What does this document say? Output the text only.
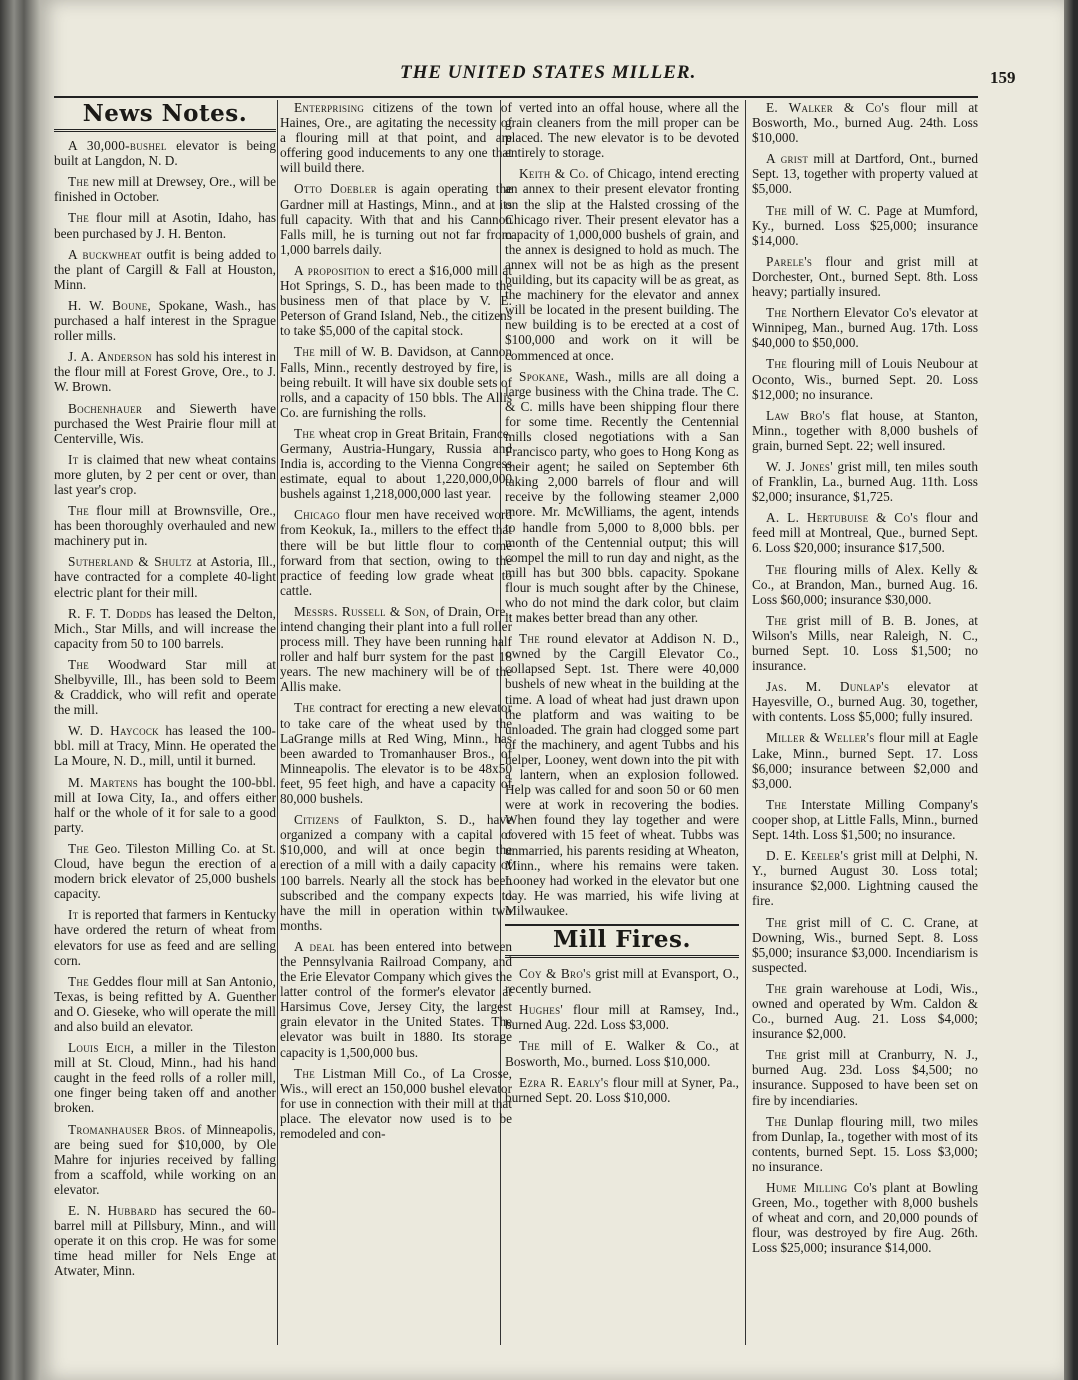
THE UNITED STATES MILLER.	159
News Notes.

A 30,000-bushel elevator is being built at Langdon, N. D.

The new mill at Drewsey, Ore., will be finished in October.

The flour mill at Asotin, Idaho, has been purchased by J. H. Benton.

A buckwheat outfit is being added to the plant of Cargill & Fall at Houston, Minn.

H. W. Boune, Spokane, Wash., has purchased a half interest in the Sprague roller mills.

J. A. Anderson has sold his interest in the flour mill at Forest Grove, Ore., to J. W. Brown.

Bochenhauer and Siewerth have purchased the West Prairie flour mill at Centerville, Wis.

It is claimed that new wheat contains more gluten, by 2 per cent or over, than last year's crop.

The flour mill at Brownsville, Ore., has been thoroughly overhauled and new machinery put in.

Sutherland & Shultz at Astoria, Ill., have contracted for a complete 40-light electric plant for their mill.

R. F. T. Dodds has leased the Delton, Mich., Star Mills, and will increase the capacity from 50 to 100 barrels.

The Woodward Star mill at Shelbyville, Ill., has been sold to Beem & Craddick, who will refit and operate the mill.

W. D. Haycock has leased the 100-bbl. mill at Tracy, Minn. He operated the La Moure, N. D., mill, until it burned.

M. Martens has bought the 100-bbl. mill at Iowa City, Ia., and offers either half or the whole of it for sale to a good party.

The Geo. Tileston Milling Co. at St. Cloud, have begun the erection of a modern brick elevator of 25,000 bushels capacity.

It is reported that farmers in Kentucky have ordered the return of wheat from elevators for use as feed and are selling corn.

The Geddes flour mill at San Antonio, Texas, is being refitted by A. Guenther and O. Gieseke, who will operate the mill and also build an elevator.

Louis Eich, a miller in the Tileston mill at St. Cloud, Minn., had his hand caught in the feed rolls of a roller mill, one finger being taken off and another broken.

Tromanhauser Bros. of Minneapolis, are being sued for $10,000, by Ole Mahre for injuries received by falling from a scaffold, while working on an elevator.

E. N. Hubbard has secured the 60-barrel mill at Pillsbury, Minn., and will operate it on this crop. He was for some time head miller for Nels Enge at Atwater, Minn.

Enterprising citizens of the town of Haines, Ore., are agitating the necessity of a flouring mill at that point, and are offering good inducements to any one that will build there.

Otto Doebler is again operating the Gardner mill at Hastings, Minn., and at its full capacity. With that and his Cannon Falls mill, he is turning out not far from 1,000 barrels daily.

A proposition to erect a $16,000 mill at Hot Springs, S. D., has been made to the business men of that place by V. E. Peterson of Grand Island, Neb., the citizens to take $5,000 of the capital stock.

The mill of W. B. Davidson, at Cannon Falls, Minn., recently destroyed by fire, is being rebuilt. It will have six double sets of rolls, and a capacity of 150 bbls. The Allis Co. are furnishing the rolls.

The wheat crop in Great Britain, France, Germany, Austria-Hungary, Russia and India is, according to the Vienna Congress estimate, equal to about 1,220,000,000 bushels against 1,218,000,000 last year.

Chicago flour men have received word from Keokuk, Ia., millers to the effect that there will be but little flour to come forward from that section, owing to the practice of feeding low grade wheat to cattle.

Messrs. Russell & Son, of Drain, Ore., intend changing their plant into a full roller process mill. They have been running half roller and half burr system for the past 18 years. The new machinery will be of the Allis make.

The contract for erecting a new elevator to take care of the wheat used by the LaGrange mills at Red Wing, Minn., has been awarded to Tromanhauser Bros., of Minneapolis. The elevator is to be 48x50 feet, 95 feet high, and have a capacity of 80,000 bushels.

Citizens of Faulkton, S. D., have organized a company with a capital of $10,000, and will at once begin the erection of a mill with a daily capacity of 100 barrels. Nearly all the stock has been subscribed and the company expects to have the mill in operation within two months.

A deal has been entered into between the Pennsylvania Railroad Company, and the Erie Elevator Company which gives the latter control of the former's elevator at Harsimus Cove, Jersey City, the largest grain elevator in the United States. The elevator was built in 1880. Its storage capacity is 1,500,000 bus.

The Listman Mill Co., of La Crosse, Wis., will erect an 150,000 bushel elevator for use in connection with their mill at that place. The elevator now used is to be remodeled and con-

verted into an offal house, where all the grain cleaners from the mill proper can be placed. The new elevator is to be devoted entirely to storage.

Keith & Co. of Chicago, intend erecting an annex to their present elevator fronting on the slip at the Halsted crossing of the Chicago river. Their present elevator has a capacity of 1,000,000 bushels of grain, and the annex is designed to hold as much. The annex will not be as high as the present building, but its capacity will be as great, as the machinery for the elevator and annex will be located in the present building. The new building is to be erected at a cost of $100,000 and work on it will be commenced at once.

Spokane, Wash., mills are all doing a large business with the China trade. The C. & C. mills have been shipping flour there for some time. Recently the Centennial mills closed negotiations with a San Francisco party, who goes to Hong Kong as their agent; he sailed on September 6th taking 2,000 barrels of flour and will receive by the following steamer 2,000 more. Mr. McWilliams, the agent, intends to handle from 5,000 to 8,000 bbls. per month of the Centennial output; this will compel the mill to run day and night, as the mill has but 300 bbls. capacity. Spokane flour is much sought after by the Chinese, who do not mind the dark color, but claim it makes better bread than any other.

The round elevator at Addison N. D., owned by the Cargill Elevator Co., collapsed Sept. 1st. There were 40,000 bushels of new wheat in the building at the time. A load of wheat had just drawn upon the platform and was waiting to be unloaded. The grain had clogged some part of the machinery, and agent Tubbs and his helper, Looney, went down into the pit with a lantern, when an explosion followed. Help was called for and soon 50 or 60 men were at work in recovering the bodies. When found they lay together and were covered with 15 feet of wheat. Tubbs was unmarried, his parents residing at Wheaton, Minn., where his remains were taken. Looney had worked in the elevator but one day. He was married, his wife living at Milwaukee.

Mill Fires.

Coy & Bro's grist mill at Evansport, O., recently burned.

Hughes' flour mill at Ramsey, Ind., burned Aug. 22d. Loss $3,000.

The mill of E. Walker & Co., at Bosworth, Mo., burned. Loss $10,000.

Ezra R. Early's flour mill at Syner, Pa., burned Sept. 20. Loss $10,000.

E. Walker & Co's flour mill at Bosworth, Mo., burned Aug. 24th. Loss $10,000.

A grist mill at Dartford, Ont., burned Sept. 13, together with property valued at $5,000.

The mill of W. C. Page at Mumford, Ky., burned. Loss $25,000; insurance $14,000.

Parele's flour and grist mill at Dorchester, Ont., burned Sept. 8th. Loss heavy; partially insured.

The Northern Elevator Co's elevator at Winnipeg, Man., burned Aug. 17th. Loss $40,000 to $50,000.

The flouring mill of Louis Neubour at Oconto, Wis., burned Sept. 20. Loss $12,000; no insurance.

Law Bro's flat house, at Stanton, Minn., together with 8,000 bushels of grain, burned Sept. 22; well insured.

W. J. Jones' grist mill, ten miles south of Franklin, La., burned Aug. 11th. Loss $2,000; insurance, $1,725.

A. L. Hertubuise & Co's flour and feed mill at Montreal, Que., burned Sept. 6. Loss $20,000; insurance $17,500.

The flouring mills of Alex. Kelly & Co., at Brandon, Man., burned Aug. 16. Loss $60,000; insurance $30,000.

The grist mill of B. B. Jones, at Wilson's Mills, near Raleigh, N. C., burned Sept. 10. Loss $1,500; no insurance.

Jas. M. Dunlap's elevator at Hayesville, O., burned Aug. 30, together, with contents. Loss $5,000; fully insured.

Miller & Weller's flour mill at Eagle Lake, Minn., burned Sept. 17. Loss $6,000; insurance between $2,000 and $3,000.

The Interstate Milling Company's cooper shop, at Little Falls, Minn., burned Sept. 14th. Loss $1,500; no insurance.

D. E. Keeler's grist mill at Delphi, N. Y., burned August 30. Loss total; insurance $2,000. Lightning caused the fire.

The grist mill of C. C. Crane, at Downing, Wis., burned Sept. 8. Loss $5,000; insurance $3,000. Incendiarism is suspected.

The grain warehouse at Lodi, Wis., owned and operated by Wm. Caldon & Co., burned Aug. 21. Loss $4,000; insurance $2,000.

The grist mill at Cranburry, N. J., burned Aug. 23d. Loss $4,500; no insurance. Supposed to have been set on fire by incendiaries.

The Dunlap flouring mill, two miles from Dunlap, Ia., together with most of its contents, burned Sept. 15. Loss $3,000; no insurance.

Hume Milling Co's plant at Bowling Green, Mo., together with 8,000 bushels of wheat and corn, and 20,000 pounds of flour, was destroyed by fire Aug. 26th. Loss $25,000; insurance $14,000.
